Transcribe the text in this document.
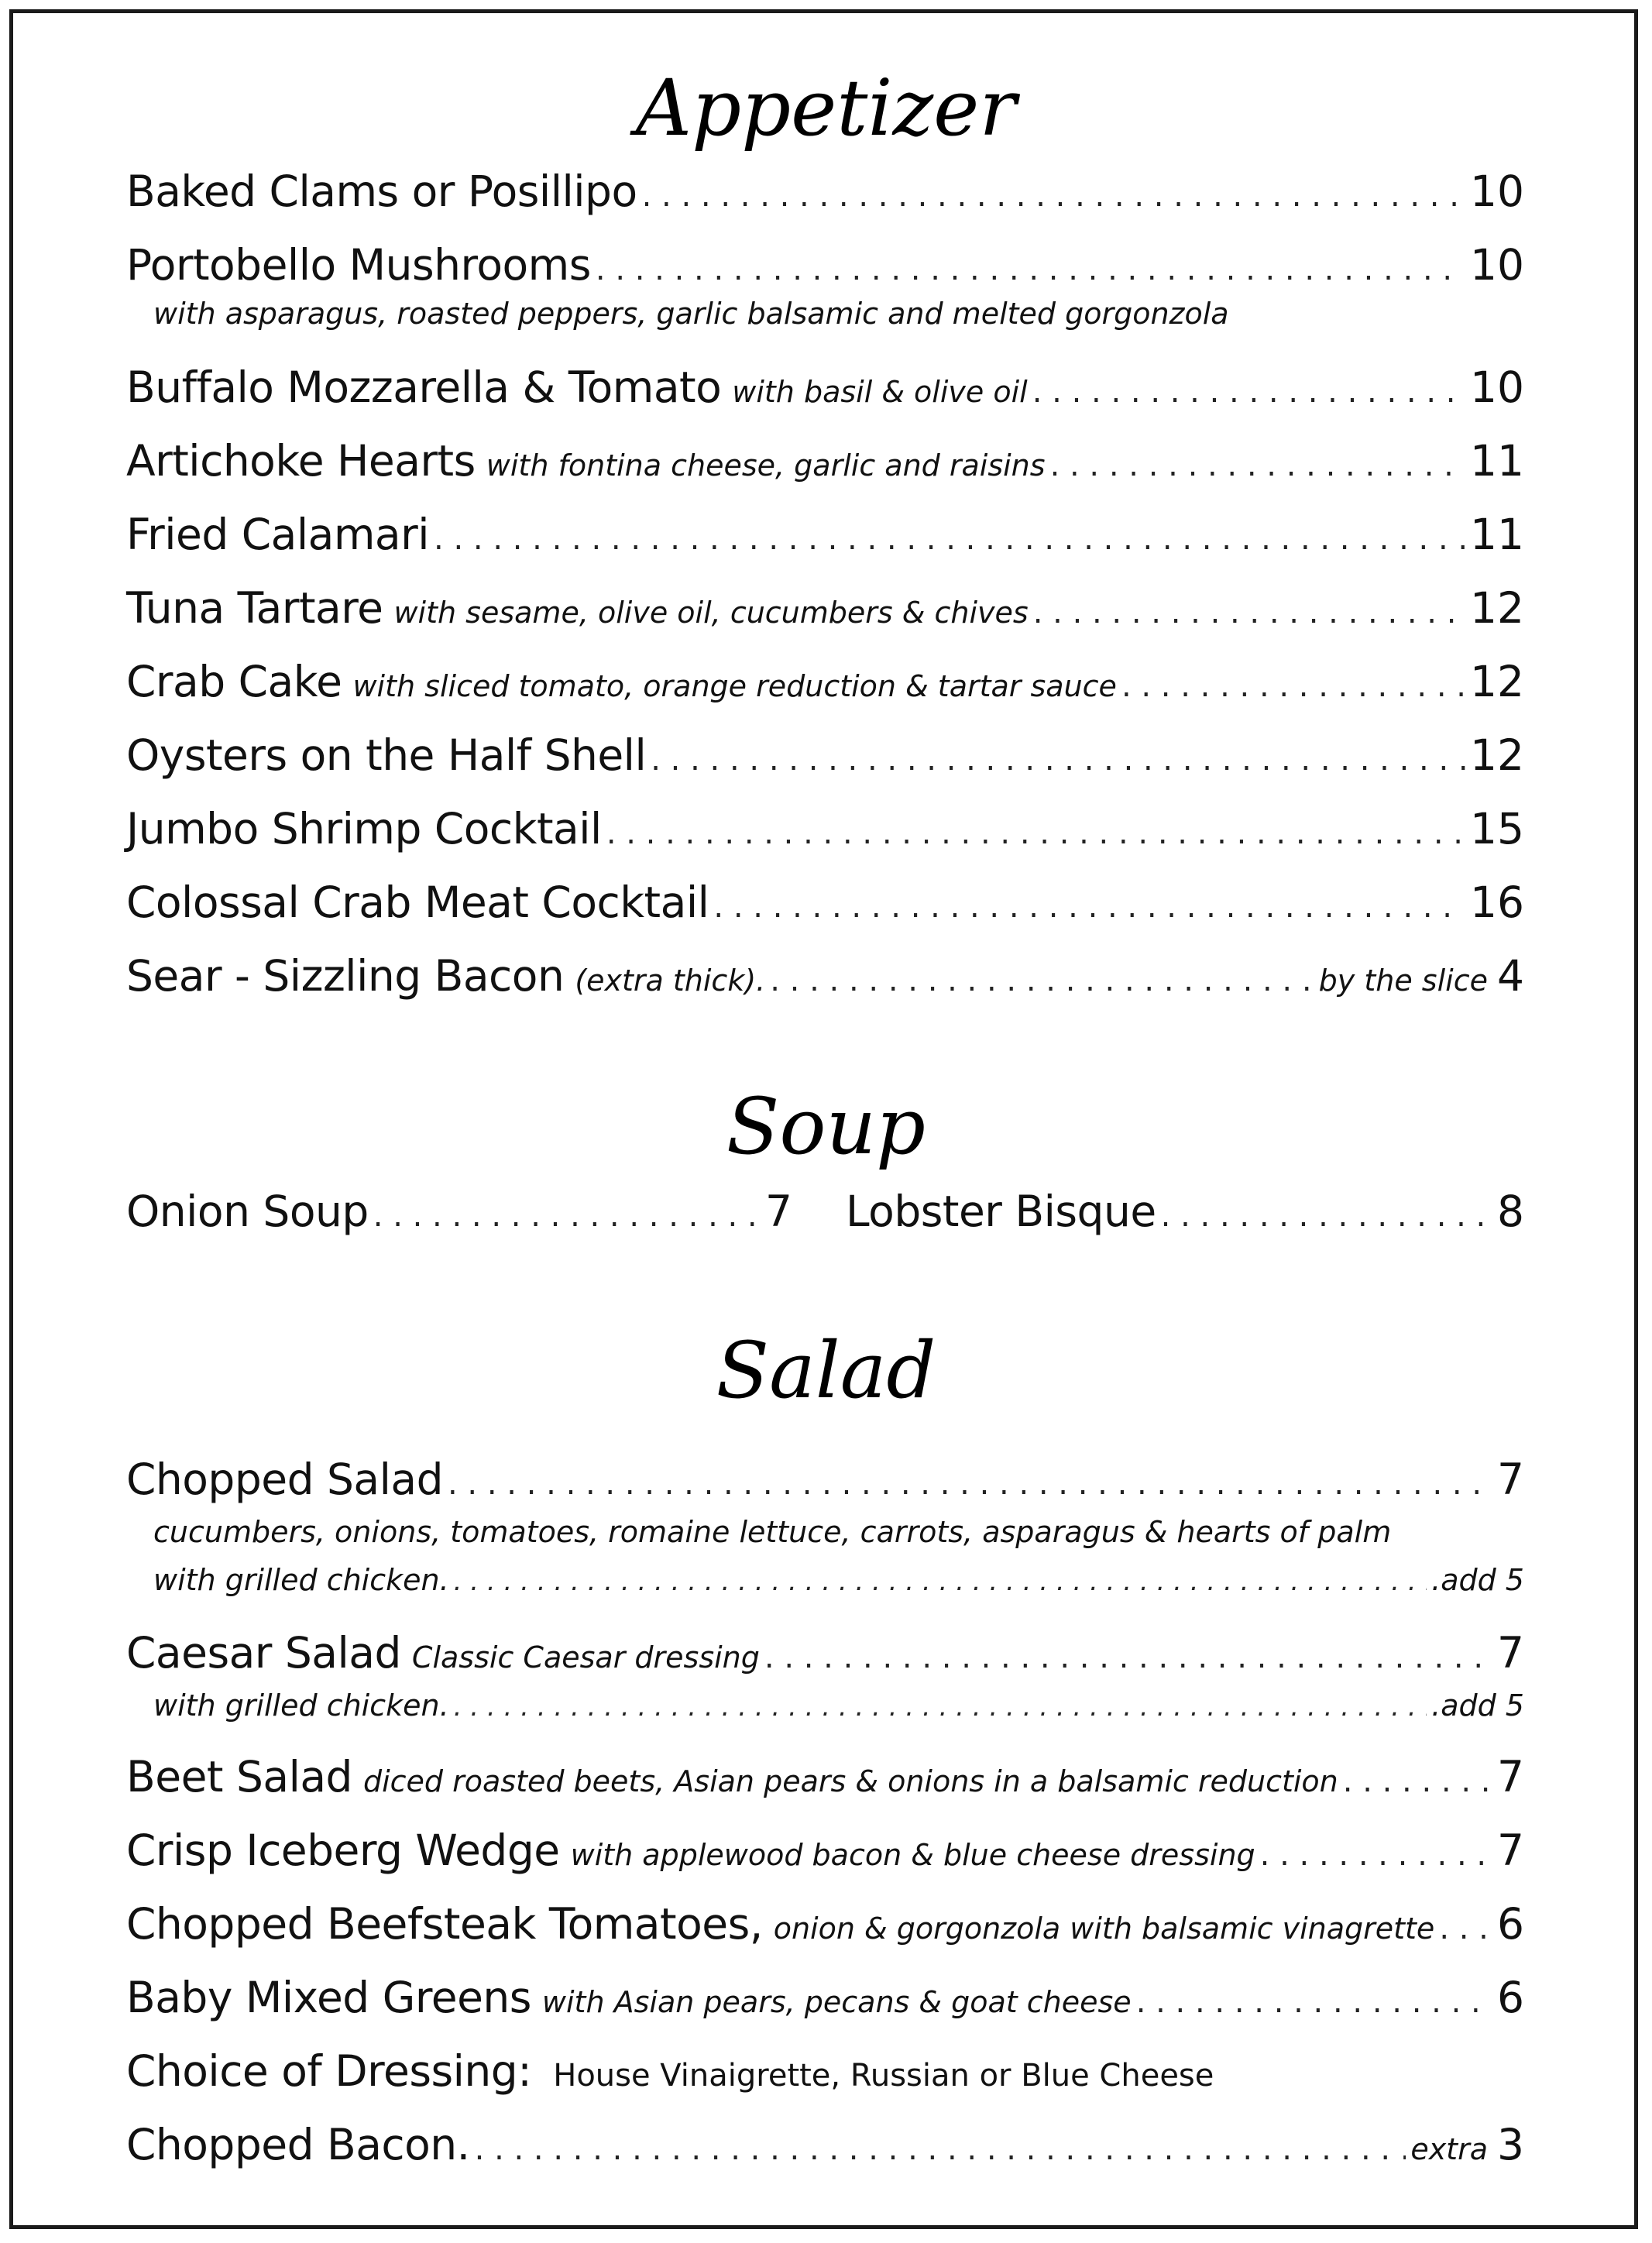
Appetizer
Baked Clams or Posillipo . . .	10
Portobello Mushrooms . . .	10
with asparagus, roasted peppers, garlic balsamic and melted gorgonzola
Buffalo Mozzarella & Tomato with basil & olive oil . . .	10
Artichoke Hearts with fontina cheese, garlic and raisins . . .	11
Fried Calamari . . .	11
Tuna Tartare with sesame, olive oil, cucumbers & chives . . .	12
Crab Cake with sliced tomato, orange reduction & tartar sauce . . .	12
Oysters on the Half Shell . . .	12
Jumbo Shrimp Cocktail . . .	15
Colossal Crab Meat Cocktail . . .	16
Sear - Sizzling Bacon (extra thick). . . .	by the slice 4
Soup
Onion Soup . . .	7 Lobster Bisque . . .	8
Salad
Chopped Salad . . .	7
cucumbers, onions, tomatoes, romaine lettuce, carrots, asparagus & hearts of palm
with grilled chicken. . . .	.add 5
Caesar Salad Classic Caesar dressing . . .	7
with grilled chicken. . . .	.add 5
Beet Salad diced roasted beets, Asian pears & onions in a balsamic reduction . . .	7
Crisp Iceberg Wedge with applewood bacon & blue cheese dressing . . .	7
Chopped Beefsteak Tomatoes, onion & gorgonzola with balsamic vinagrette . . . 6
Baby Mixed Greens with Asian pears, pecans & goat cheese . . .	6
Choice of Dressing: House Vinaigrette, Russian or Blue Cheese
Chopped Bacon. . . .	extra 3
